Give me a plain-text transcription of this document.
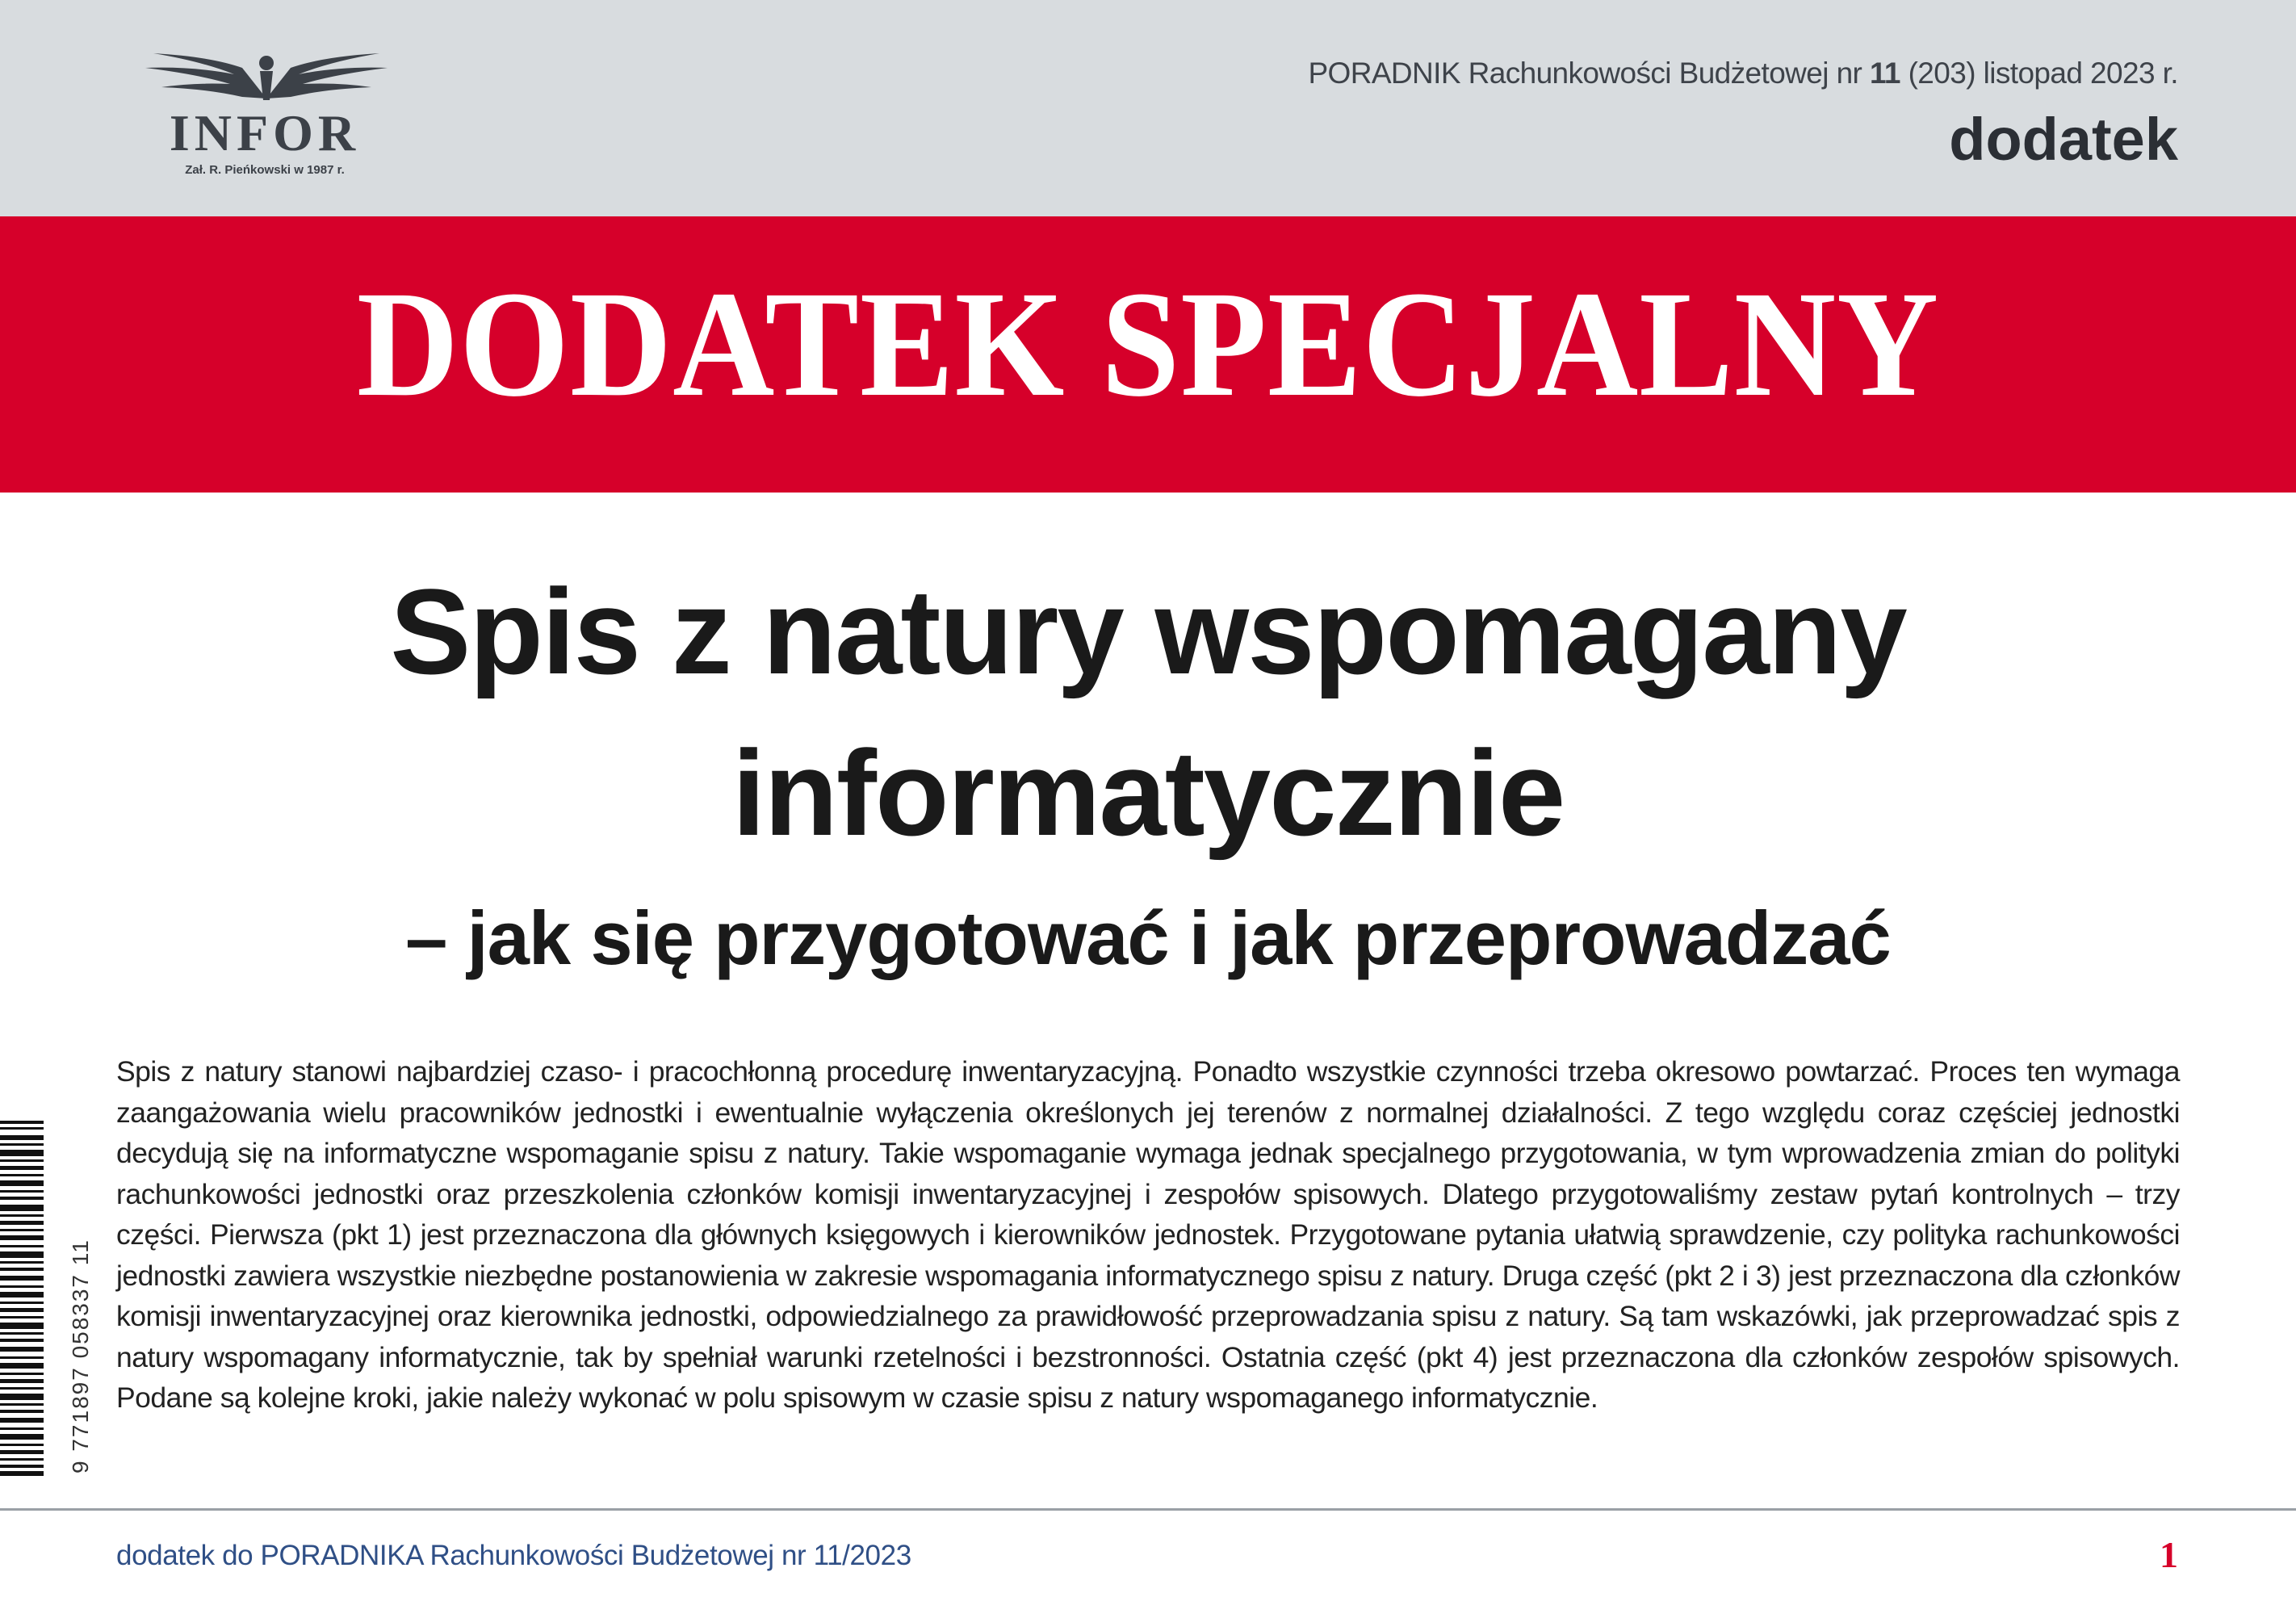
INFOR
Zał. R. Pieńkowski w 1987 r.
PORADNIK Rachunkowości Budżetowej nr 11 (203) listopad 2023 r.
dodatek
DODATEK SPECJALNY
Spis z natury wspomagany informatycznie
– jak się przygotować i jak przeprowadzać
Spis z natury stanowi najbardziej czaso- i pracochłonną procedurę inwentaryzacyjną. Ponadto wszystkie czynności trzeba okresowo powtarzać. Proces ten wymaga zaangażowania wielu pracowników jednostki i ewentualnie wyłączenia określonych jej terenów z normalnej działalności. Z tego względu coraz częściej jednostki decydują się na informatyczne wspomaganie spisu z natury. Takie wspomaganie wymaga jednak specjalnego przygotowania, w tym wprowadzenia zmian do polityki rachunkowości jednostki oraz przeszkolenia członków komisji inwentaryzacyjnej i zespołów spisowych. Dlatego przygotowaliśmy zestaw pytań kontrolnych – trzy części. Pierwsza (pkt 1) jest przeznaczona dla głównych księgowych i kierowników jednostek. Przygotowane pytania ułatwią sprawdzenie, czy polityka rachunkowości jednostki zawiera wszystkie niezbędne postanowienia w zakresie wspomagania informatycznego spisu z natury. Druga część (pkt 2 i 3) jest przeznaczona dla członków komisji inwentaryzacyjnej oraz kierownika jednostki, odpowiedzialnego za prawidłowość przeprowadzania spisu z natury. Są tam wskazówki, jak przeprowadzać spis z natury wspomagany informatycznie, tak by spełniał warunki rzetelności i bezstronności. Ostatnia część (pkt 4) jest przeznaczona dla członków zespołów spisowych. Podane są kolejne kroki, jakie należy wykonać w polu spisowym w czasie spisu z natury wspomaganego informatycznie.
9 771897 058337 11
dodatek do PORADNIKA Rachunkowości Budżetowej nr 11/2023	1
